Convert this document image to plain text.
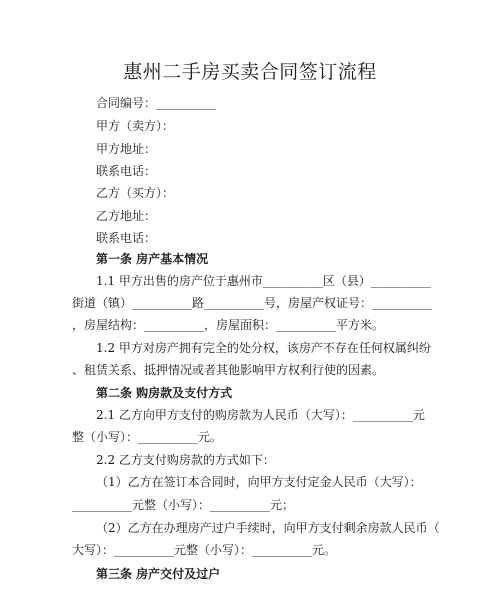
惠州二手房买卖合同签订流程
合同编号：__________
甲方（卖方）：
甲方地址：
联系电话：
乙方（买方）：
乙方地址：
联系电话：
第一条 房产基本情况
1.1 甲方出售的房产位于惠州市__________区（县）__________
街道（镇）__________路__________号，房屋产权证号：__________
，房屋结构：__________，房屋面积：__________平方米。
1.2 甲方对房产拥有完全的处分权，该房产不存在任何权属纠纷
、租赁关系、抵押情况或者其他影响甲方权利行使的因素。
第二条 购房款及支付方式
2.1 乙方向甲方支付的购房款为人民币（大写）：__________元
整（小写）：__________元。
2.2 乙方支付购房款的方式如下：
（1）乙方在签订本合同时，向甲方支付定金人民币（大写）：
__________元整（小写）：__________元；
（2）乙方在办理房产过户手续时，向甲方支付剩余房款人民币（
大写）：__________元整（小写）：__________元。
第三条 房产交付及过户
